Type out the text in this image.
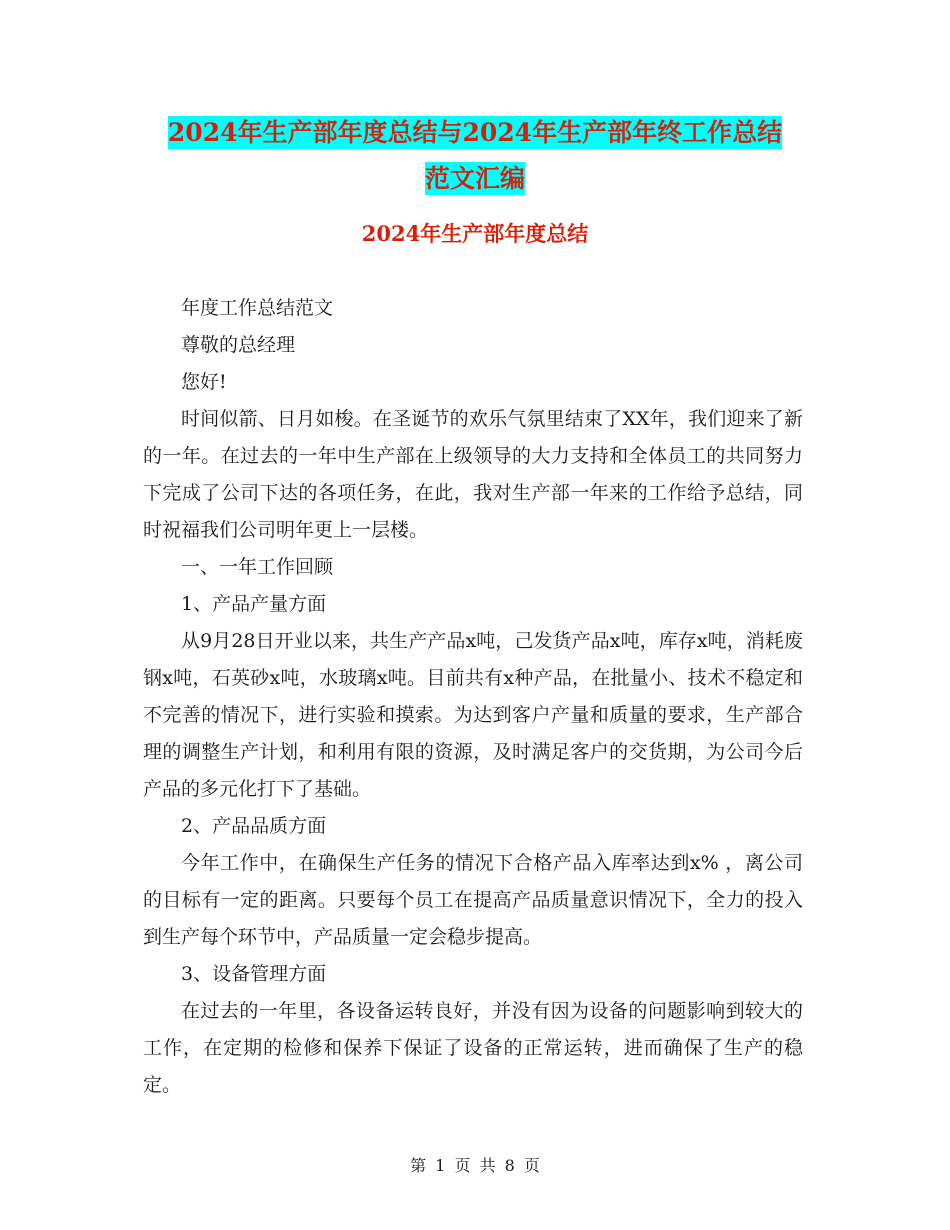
2024年生产部年度总结与2024年生产部年终工作总结
范文汇编
2024年生产部年度总结

年度工作总结范文

尊敬的总经理

您好!

时间似箭、日月如梭。在圣诞节的欢乐气氛里结束了XX年，我们迎来了新的一年。在过去的一年中生产部在上级领导的大力支持和全体员工的共同努力下完成了公司下达的各项任务，在此，我对生产部一年来的工作给予总结，同时祝福我们公司明年更上一层楼。

一、一年工作回顾

1、产品产量方面

从9月28日开业以来，共生产产品x吨，己发货产品x吨，库存x吨，消耗废钢x吨，石英砂x吨，水玻璃x吨。目前共有x种产品，在批量小、技术不稳定和不完善的情况下，进行实验和摸索。为达到客户产量和质量的要求，生产部合理的调整生产计划，和利用有限的资源，及时满足客户的交货期，为公司今后产品的多元化打下了基础。

2、产品品质方面

今年工作中，在确保生产任务的情况下合格产品入库率达到x% ，离公司的目标有一定的距离。只要每个员工在提高产品质量意识情况下，全力的投入到生产每个环节中，产品质量一定会稳步提高。

3、设备管理方面

在过去的一年里，各设备运转良好，并没有因为设备的问题影响到较大的工作，在定期的检修和保养下保证了设备的正常运转，进而确保了生产的稳定。

第 1 页 共 8 页
